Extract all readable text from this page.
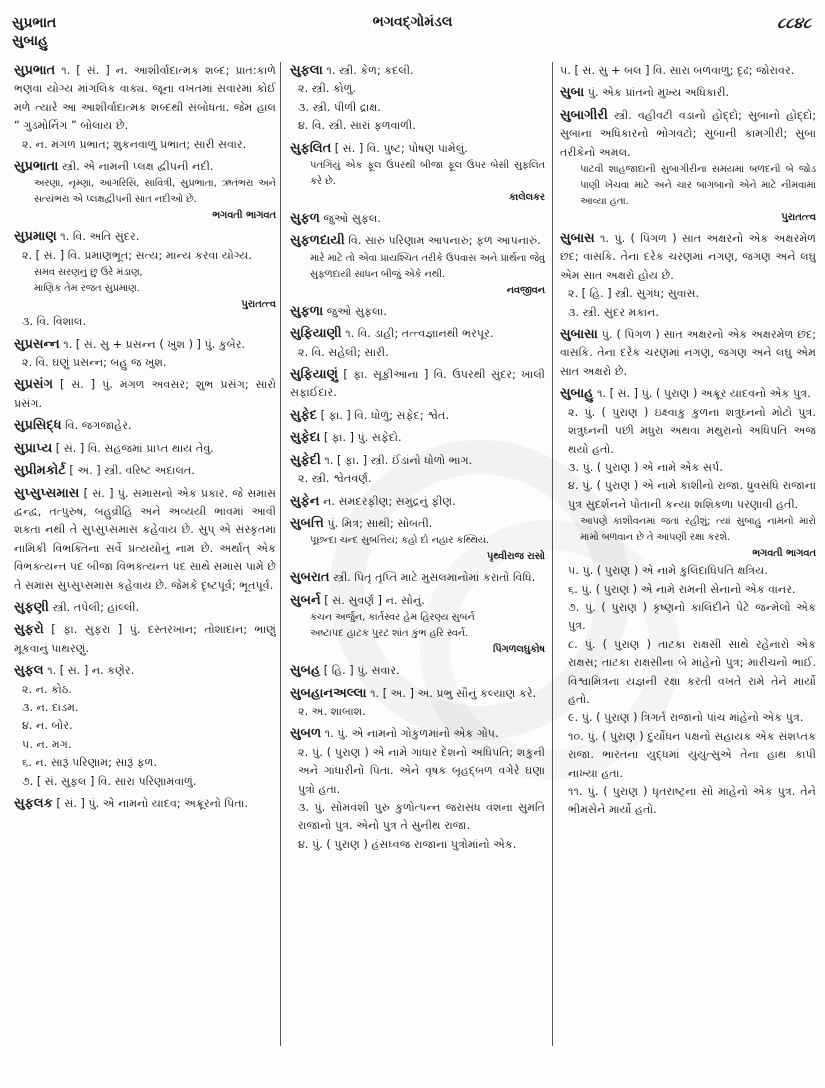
સુપ્રભાત
સુબાહુ
ભગવદ્ગોમંડલ	૮૮૪૮
સુપ્રભાત ૧. [ સં. ] ન. આશીર્વાદાત્મક શબ્દ; પ્રાત:કાળે ભણવા યોગ્ય માંગલિક વાક્ય. જૂના વખતમાં સવારમાં કોઈ મળે ત્યારે આ આશીર્વાદાત્મક શબ્દથી સંબોધતા. જેમ હાલ “ ગુડમોર્નિંગ ” બોલાય છે.
૨. ન. મંગળ પ્રભાત; શુકનવાળું પ્રભાત; સારી સવાર.
સુપ્રભાતા સ્ત્રી. એ નામની પ્લક્ષ દ્વીપની નદી.
અરણા, નૃમ્ણા, આંગરિસિ, સાવિત્રી, સુપ્રભાતા, ઋતંભરા અને સત્યંભરા એ પ્લક્ષદ્વીપની સાત નદીઓ છે.
ભગવતી ભાગવત
સુપ્રમાણ ૧. વિ. અતિ સુંદર.
૨. [ સં. ] વિ. પ્રમાણભૂત; સત્ય; માન્ય કરવા યોગ્ય.
સમવ સરણનું છું ઉરે મંડાણ,
માણિક તેમ રજત સુપ્રમાણ.
પુરાતત્ત્વ
૩. વિ. વિશાલ.
સુપ્રસન્ન ૧. [ સં. સુ + પ્રસન્ન ( ખુશ ) ] પું. કુબેર.
૨. વિ. ઘણું પ્રસન્ન; બહુ જ ખુશ.
સુપ્રસંગ [ સં. ] પું. મંગળ અવસર; શુભ પ્રસંગ; સારો પ્રસંગ.
સુપ્રસિદ્ધ વિ. જગજાહેર.
સુપ્રાપ્ય [ સં. ] વિ. સહજમાં પ્રાપ્ત થાય તેવું.
સુપ્રીમકોર્ટ [ અં. ] સ્ત્રી. વરિષ્ટ અદાલત.
સુપ્સુપ્સમાસ [ સં. ] પું. સમાસનો એક પ્રકાર. જે સમાસ દ્વન્દ્વ, તત્પુરુષ, બહુવ્રીહિ અને અવ્યયી ભાવમાં આવી શકતા નથી તે સુપ્સુપ્સમાસ કહેવાય છે. સુપ્ એ સંસ્કૃતમાં નામિકી વિભક્તિના સર્વે પ્રત્યયોનું નામ છે. અર્થાત્ એક વિભક્ત્યન્ત પદ બીજા વિભક્ત્યન્ત પદ સાથે સમાસ પામે છે તે સમાસ સુપ્સુપ્સમાસ કહેવાય છે. જેમકે દૃષ્ટપૂર્વ; ભૂતપૂર્વ.
સુફણી સ્ત્રી. તપેલી; હાંલ્લી.
સુફરો [ ફા. સુફરા ] પું. દસ્તરખાન; તોશાદાન; ભાણું મૂકવાનું પાથરણું.
સુફલ ૧. [ સં. ] ન. કણેર.
૨. ન. કોઠ.
૩. ન. દાડમ.
૪. ન. બોર.
૫. ન. મગ.
૬. ન. સારૂં પરિણામ; સારૂં ફળ.
૭. [ સં. સુફલ ] વિ. સારા પરિણામવાળું.
સુફલક [ સં. ] પું. એ નામનો યાદવ; અક્રૂરનો પિતા.
સુફલા ૧. સ્ત્રી. કેળ; કદલી.
૨. સ્ત્રી. કોળું.
૩. સ્ત્રી. પીળી દ્રાક્ષ.
૪. વિ. સ્ત્રી. સારાં ફળવાળી.
સુફલિત [ સં. ] વિ. પુષ્ટ; પોષણ પામેલું.
પતંગિયું એક ફૂલ ઉપરથી બીજા ફૂલ ઉપર બેસી સુફલિત કરે છે.
કાલેલકર
સુફળ જુઓ સુફલ.
સુફળદાયી વિ. સારું પરિણામ આપનારું; ફળ આપનારું.
મારે માટે તો એવા પ્રાયશ્ચિત તરીકે ઉપવાસ અને પ્રાર્થના જેવું સુફળદાયી સાધન બીજું એકે નથી.
નવજીવન
સુફળા જુઓ સુફલા.
સુફિયાણી ૧. વિ. ડાહી; તત્ત્વજ્ઞાનથી ભરપૂર.
૨. વિ. સહેલી; સારી.
સુફિયાણું [ ફા. સૂફીઆના ] વિ. ઉપરથી સુંદર; ખાલી સફાઈદાર.
સુફેદ [ ફા. ] વિ. ધોળું; સફેદ; શ્વેત.
સુફેદા [ ફા. ] પું. સફેદો.
સુફેદી ૧. [ ફા. ] સ્ત્રી. ઈંડાંનો ધોળો ભાગ.
૨. સ્ત્રી. શ્વેતવર્ણ.
સુફેન ન. સમદરફીણ; સમુદ્રનું ફીણ.
સુબત્તિ પું. મિત્ર; સાથી; સોબતી.
પૂછન્દા ચન્દ સુબત્તિયં; કહો દો નહાર કથ્થિયં.
પૃથ્વીરાજ રાસો
સુબરાત સ્ત્રી. પિતૃ તૃપ્તિ માટે મુસલમાનોમાં કરાતો વિધિ.
સુબર્ન [ સં. સુવર્ણ ] ન. સોનું.
કંચન અર્જુન, કાર્તસ્વર હેમ હિરણ્ય સુબર્ન
અષ્ટાપદ હાટક પુરટ શાંત કુંભ હરિ સ્વર્ન.
પિંગળલઘુકોષ
સુબહ [ હિ. ] પું. સવાર.
સુબહાનઅલ્લા ૧. [ અ. ] અ. પ્રભુ સૌનું કલ્યાણ કરે.
૨. અ. શાબાશ.
સુબળ ૧. પું. એ નામનો ગોકુળમાંનો એક ગોપ.
૨. પું. ( પુરાણ ) એ નામે ગાંધાર દેશનો અધિપતિ; શકુની અને ગાંધારીનો પિતા. એને વૃષક બૃહદ્બળ વગેરે ઘણા પુત્રો હતા.
૩. પું. સોમવંશી પુરુ કુળોત્પન્ન જરાસંધ વંશના સુમતિ રાજાનો પુત્ર. એનો પુત્ર તે સુનીથ રાજા.
૪. પું. ( પુરાણ ) હંસધ્વજ રાજાના પુત્રોમાંનો એક.
૫. [ સં. સુ + બલ ] વિ. સારા બળવાળું; દૃઢ; જોરાવર.
સુબા પું. એક પ્રાંતનો મુખ્ય અધિકારી.
સુબાગીરી સ્ત્રી. વહીવટી વડાનો હોદ્દો; સુબાનો હોદ્દો; સુબાના અધિકારનો ભોગવટો; સુબાની કામગીરી; સુબા તરીકેનો અમલ.
પાટવી શાહજાદાની સુબાગીરીના સમયમાં બળદની બે જોડ પાણી ખેંચવા માટે અને ચાર બાગબાનો એને માટે નીમવામાં આવ્યા હતા.
પુરાતત્ત્વ
સુબાસ ૧. પું. ( પિંગળ ) સાત અક્ષરનો એક અક્ષરમેળ છંદ; વાસકિ. તેના દરેક ચરણમાં નગણ, જગણ અને લઘુ એમ સાત અક્ષરો હોય છે.
૨. [ હિ. ] સ્ત્રી. સુગંધ; સુવાસ.
૩. સ્ત્રી. સુંદર મકાન.
સુબાસા પું. ( પિંગળ ) સાત અક્ષરનો એક અક્ષરમેળ છંદ; વાસકિ. તેના દરેક ચરણમાં નગણ, જગણ અને લઘુ એમ સાત અક્ષરો છે.
સુબાહુ ૧. [ સં. ] પું. ( પુરાણ ) અક્રૂર યાદવનો એક પુત્ર.
૨. પું. ( પુરાણ ) ઇક્ષ્વાકુ કુળના શત્રુઘ્નનો મોટો પુત્ર. શત્રુઘ્નની પછી મધુરા અથવા મથુરાનો અધિપતિ અજ થયો હતો.
૩. પું. ( પુરાણ ) એ નામે એક સર્પ.
૪. પું. ( પુરાણ ) એ નામે કાશીનો રાજા. ધ્રુવસંધિ રાજાના પુત્ર સુદર્શનને પોતાની કન્યા શશિકળા પરણાવી હતી.
આપણે કાશીવનમાં જતાં રહીશું; ત્યાં સુબાહુ નામનો મારો મામો બળવાન છે તે આપણી રક્ષા કરશે.
ભગવતી ભાગવત
૫. પું. ( પુરાણ ) એ નામે કુલિંદાધિપતિ ક્ષત્રિય.
૬. પું. ( પુરાણ ) એ નામે રામની સેનાનો એક વાનર.
૭. પું. ( પુરાણ ) કૃષ્ણનો કાલિંદીને પેટે જન્મેલો એક પુત્ર.
૮. પું. ( પુરાણ ) તાટકા રાક્ષસી સાથે રહેનારો એક રાક્ષસ; તાટકા રાક્ષસીના બે માંહેનો પુત્ર; મારીચનો ભાઈ. વિશ્વામિત્રના યજ્ઞની રક્ષા કરતી વખતે રામે તેને માર્યો હતો.
૯. પું. ( પુરાણ ) ત્રિગર્ત રાજાનો પાંચ માંહેનો એક પુત્ર.
૧૦. પું. ( પુરાણ ) દુર્યોધન પક્ષનો સહાયક એક સંશપ્તક રાજા. ભારતના યુદ્ધમાં યુયુત્સુએ તેના હાથ કાપી નાખ્યા હતા.
૧૧. પું. ( પુરાણ ) ધૃતરાષ્ટ્રના સો માંહેનો એક પુત્ર. તેને ભીમસેને માર્યો હતો.
